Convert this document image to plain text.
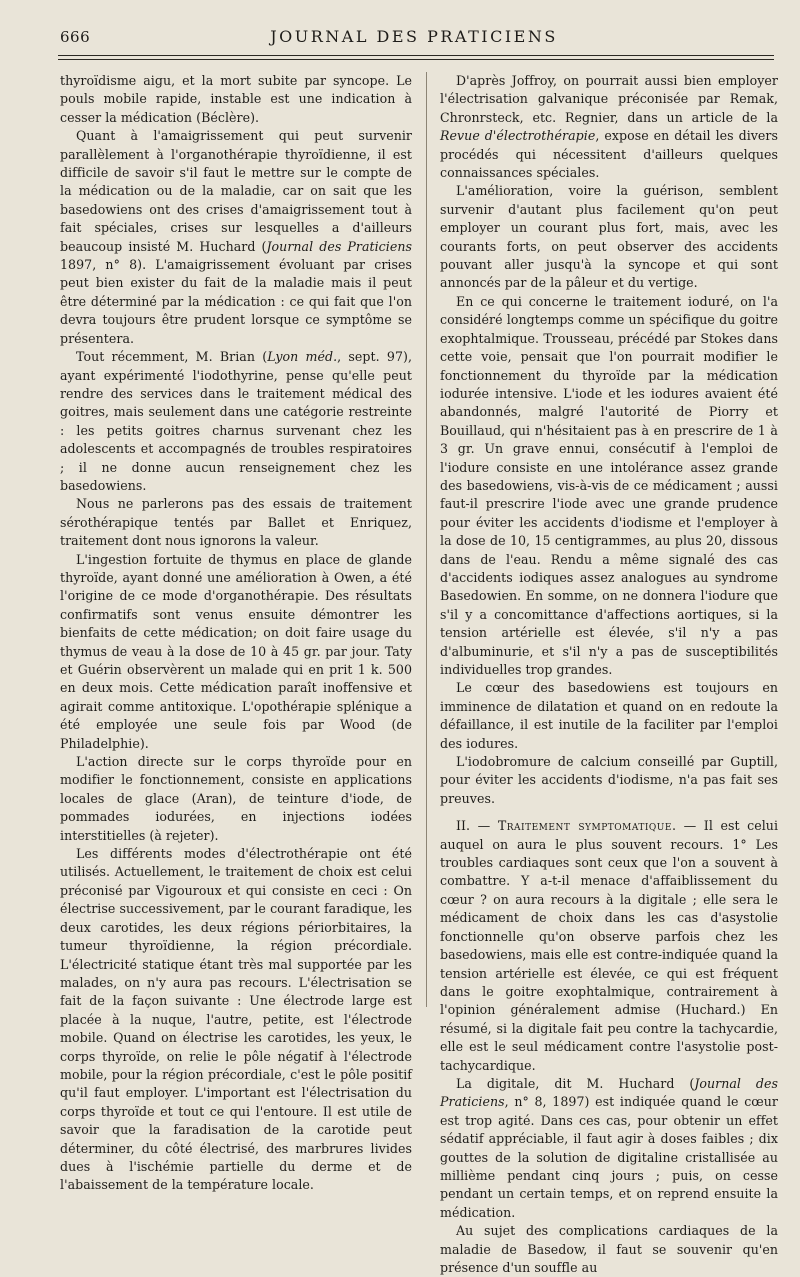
666	JOURNAL DES PRATICIENS

thyroïdisme aigu, et la mort subite par syncope. Le pouls mobile rapide, instable est une indication à cesser la médication (Béclère).

Quant à l'amaigrissement qui peut survenir parallèlement à l'organothérapie thyroïdienne, il est difficile de savoir s'il faut le mettre sur le compte de la médication ou de la maladie, car on sait que les basedowiens ont des crises d'amaigrissement tout à fait spéciales, crises sur lesquelles a d'ailleurs beaucoup insisté M. Huchard (Journal des Praticiens 1897, n° 8). L'amaigrissement évoluant par crises peut bien exister du fait de la maladie mais il peut être déterminé par la médication : ce qui fait que l'on devra toujours être prudent lorsque ce symptôme se présentera.

Tout récemment, M. Brian (Lyon méd., sept. 97), ayant expérimenté l'iodothyrine, pense qu'elle peut rendre des services dans le traitement médical des goitres, mais seulement dans une catégorie restreinte : les petits goitres charnus survenant chez les adolescents et accompagnés de troubles respiratoires ; il ne donne aucun renseignement chez les basedowiens.

Nous ne parlerons pas des essais de traitement sérothérapique tentés par Ballet et Enriquez, traitement dont nous ignorons la valeur.

L'ingestion fortuite de thymus en place de glande thyroïde, ayant donné une amélioration à Owen, a été l'origine de ce mode d'organothérapie. Des résultats confirmatifs sont venus ensuite démontrer les bienfaits de cette médication; on doit faire usage du thymus de veau à la dose de 10 à 45 gr. par jour. Taty et Guérin observèrent un malade qui en prit 1 k. 500 en deux mois. Cette médication paraît inoffensive et agirait comme antitoxique. L'opothérapie splénique a été employée une seule fois par Wood (de Philadelphie).

L'action directe sur le corps thyroïde pour en modifier le fonctionnement, consiste en applications locales de glace (Aran), de teinture d'iode, de pommades iodurées, en injections iodées interstitielles (à rejeter).

Les différents modes d'électrothérapie ont été utilisés. Actuellement, le traitement de choix est celui préconisé par Vigouroux et qui consiste en ceci : On électrise successivement, par le courant faradique, les deux carotides, les deux régions périorbitaires, la tumeur thyroïdienne, la région précordiale. L'électricité statique étant très mal supportée par les malades, on n'y aura pas recours. L'électrisation se fait de la façon suivante : Une électrode large est placée à la nuque, l'autre, petite, est l'électrode mobile. Quand on électrise les carotides, les yeux, le corps thyroïde, on relie le pôle négatif à l'électrode mobile, pour la région précordiale, c'est le pôle positif qu'il faut employer. L'important est l'électrisation du corps thyroïde et tout ce qui l'entoure. Il est utile de savoir que la faradisation de la carotide peut déterminer, du côté électrisé, des marbrures livides dues à l'ischémie partielle du derme et de l'abaissement de la température locale.

D'après Joffroy, on pourrait aussi bien employer l'électrisation galvanique préconisée par Remak, Chronrsteck, etc. Regnier, dans un article de la Revue d'électrothérapie, expose en détail les divers procédés qui nécessitent d'ailleurs quelques connaissances spéciales.

L'amélioration, voire la guérison, semblent survenir d'autant plus facilement qu'on peut employer un courant plus fort, mais, avec les courants forts, on peut observer des accidents pouvant aller jusqu'à la syncope et qui sont annoncés par de la pâleur et du vertige.

En ce qui concerne le traitement ioduré, on l'a considéré longtemps comme un spécifique du goitre exophtalmique. Trousseau, précédé par Stokes dans cette voie, pensait que l'on pourrait modifier le fonctionnement du thyroïde par la médication iodurée intensive. L'iode et les iodures avaient été abandonnés, malgré l'autorité de Piorry et Bouillaud, qui n'hésitaient pas à en prescrire de 1 à 3 gr. Un grave ennui, consécutif à l'emploi de l'iodure consiste en une intolérance assez grande des basedowiens, vis-à-vis de ce médicament ; aussi faut-il prescrire l'iode avec une grande prudence pour éviter les accidents d'iodisme et l'employer à la dose de 10, 15 centigrammes, au plus 20, dissous dans de l'eau. Rendu a même signalé des cas d'accidents iodiques assez analogues au syndrome Basedowien. En somme, on ne donnera l'iodure que s'il y a concomittance d'affections aortiques, si la tension artérielle est élevée, s'il n'y a pas d'albuminurie, et s'il n'y a pas de susceptibilités individuelles trop grandes.

Le cœur des basedowiens est toujours en imminence de dilatation et quand on en redoute la défaillance, il est inutile de la faciliter par l'emploi des iodures.

L'iodobromure de calcium conseillé par Guptill, pour éviter les accidents d'iodisme, n'a pas fait ses preuves.

II. — Traitement symptomatique. — Il est celui auquel on aura le plus souvent recours. 1° Les troubles cardiaques sont ceux que l'on a souvent à combattre. Y a-t-il menace d'affaiblissement du cœur ? on aura recours à la digitale ; elle sera le médicament de choix dans les cas d'asystolie fonctionnelle qu'on observe parfois chez les basedowiens, mais elle est contre-indiquée quand la tension artérielle est élevée, ce qui est fréquent dans le goitre exophtalmique, contrairement à l'opinion généralement admise (Huchard.) En résumé, si la digitale fait peu contre la tachycardie, elle est le seul médicament contre l'asystolie post-tachycardique.

La digitale, dit M. Huchard (Journal des Praticiens, n° 8, 1897) est indiquée quand le cœur est trop agité. Dans ces cas, pour obtenir un effet sédatif appréciable, il faut agir à doses faibles ; dix gouttes de la solution de digitaline cristallisée au millième pendant cinq jours ; puis, on cesse pendant un certain temps, et on reprend ensuite la médication.

Au sujet des complications cardiaques de la maladie de Basedow, il faut se souvenir qu'en présence d'un souffle au
